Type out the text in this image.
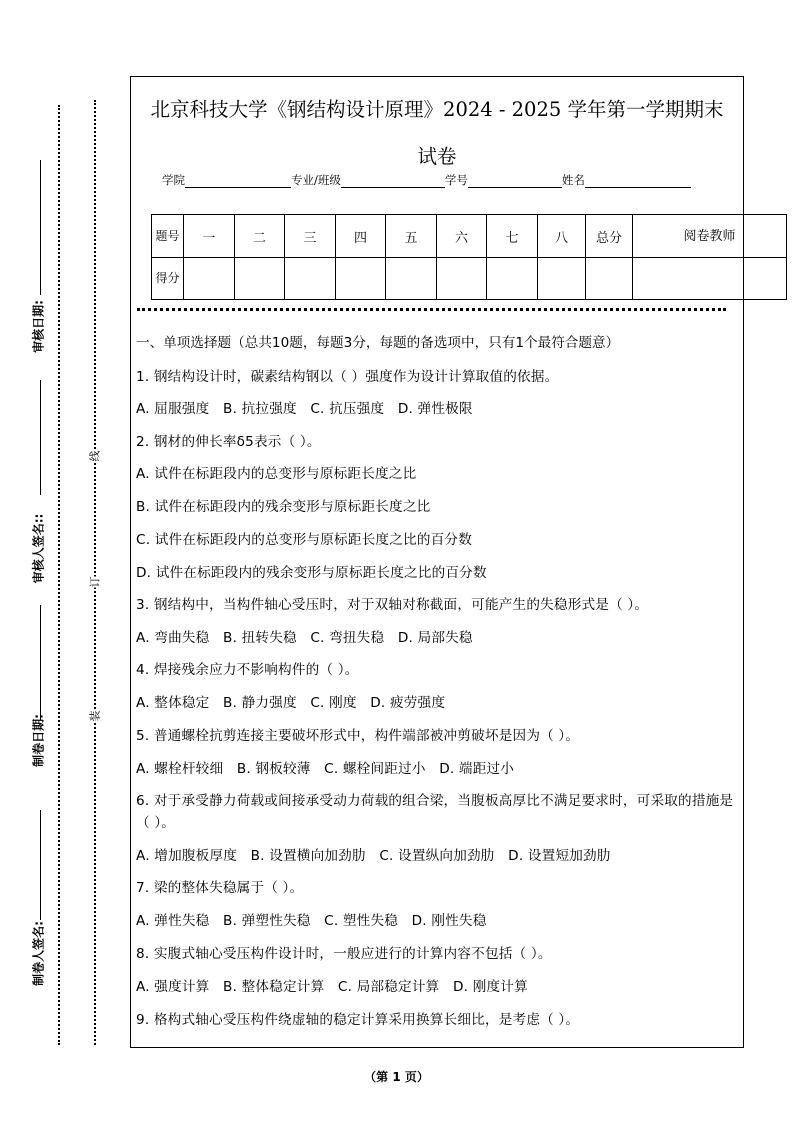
审核日期:
审核人签名::
制卷日期:
制卷人签名:
线
订
装
北京科技大学《钢结构设计原理》2024 - 2025 学年第一学期期末
试卷
学院	专业/班级	学号	姓名
题号	一	二	三	四	五	六	七	八	总分	阅卷教师
得分										
一、单项选择题（总共10题，每题3分，每题的备选项中，只有1个最符合题意）
1. 钢结构设计时，碳素结构钢以（ ）强度作为设计计算取值的依据。
A. 屈服强度   B. 抗拉强度   C. 抗压强度   D. 弹性极限
2. 钢材的伸长率δ5表示（ ）。
A. 试件在标距段内的总变形与原标距长度之比
B. 试件在标距段内的残余变形与原标距长度之比
C. 试件在标距段内的总变形与原标距长度之比的百分数
D. 试件在标距段内的残余变形与原标距长度之比的百分数
3. 钢结构中，当构件轴心受压时，对于双轴对称截面，可能产生的失稳形式是（ ）。
A. 弯曲失稳   B. 扭转失稳   C. 弯扭失稳   D. 局部失稳
4. 焊接残余应力不影响构件的（ ）。
A. 整体稳定   B. 静力强度   C. 刚度   D. 疲劳强度
5. 普通螺栓抗剪连接主要破坏形式中，构件端部被冲剪破坏是因为（ ）。
A. 螺栓杆较细   B. 钢板较薄   C. 螺栓间距过小   D. 端距过小
6. 对于承受静力荷载或间接承受动力荷载的组合梁，当腹板高厚比不满足要求时，可采取的措施是（ ）。
A. 增加腹板厚度   B. 设置横向加劲肋   C. 设置纵向加劲肋   D. 设置短加劲肋
7. 梁的整体失稳属于（ ）。
A. 弹性失稳   B. 弹塑性失稳   C. 塑性失稳   D. 刚性失稳
8. 实腹式轴心受压构件设计时，一般应进行的计算内容不包括（ ）。
A. 强度计算   B. 整体稳定计算   C. 局部稳定计算   D. 刚度计算
9. 格构式轴心受压构件绕虚轴的稳定计算采用换算长细比，是考虑（ ）。
（第 1 页）
